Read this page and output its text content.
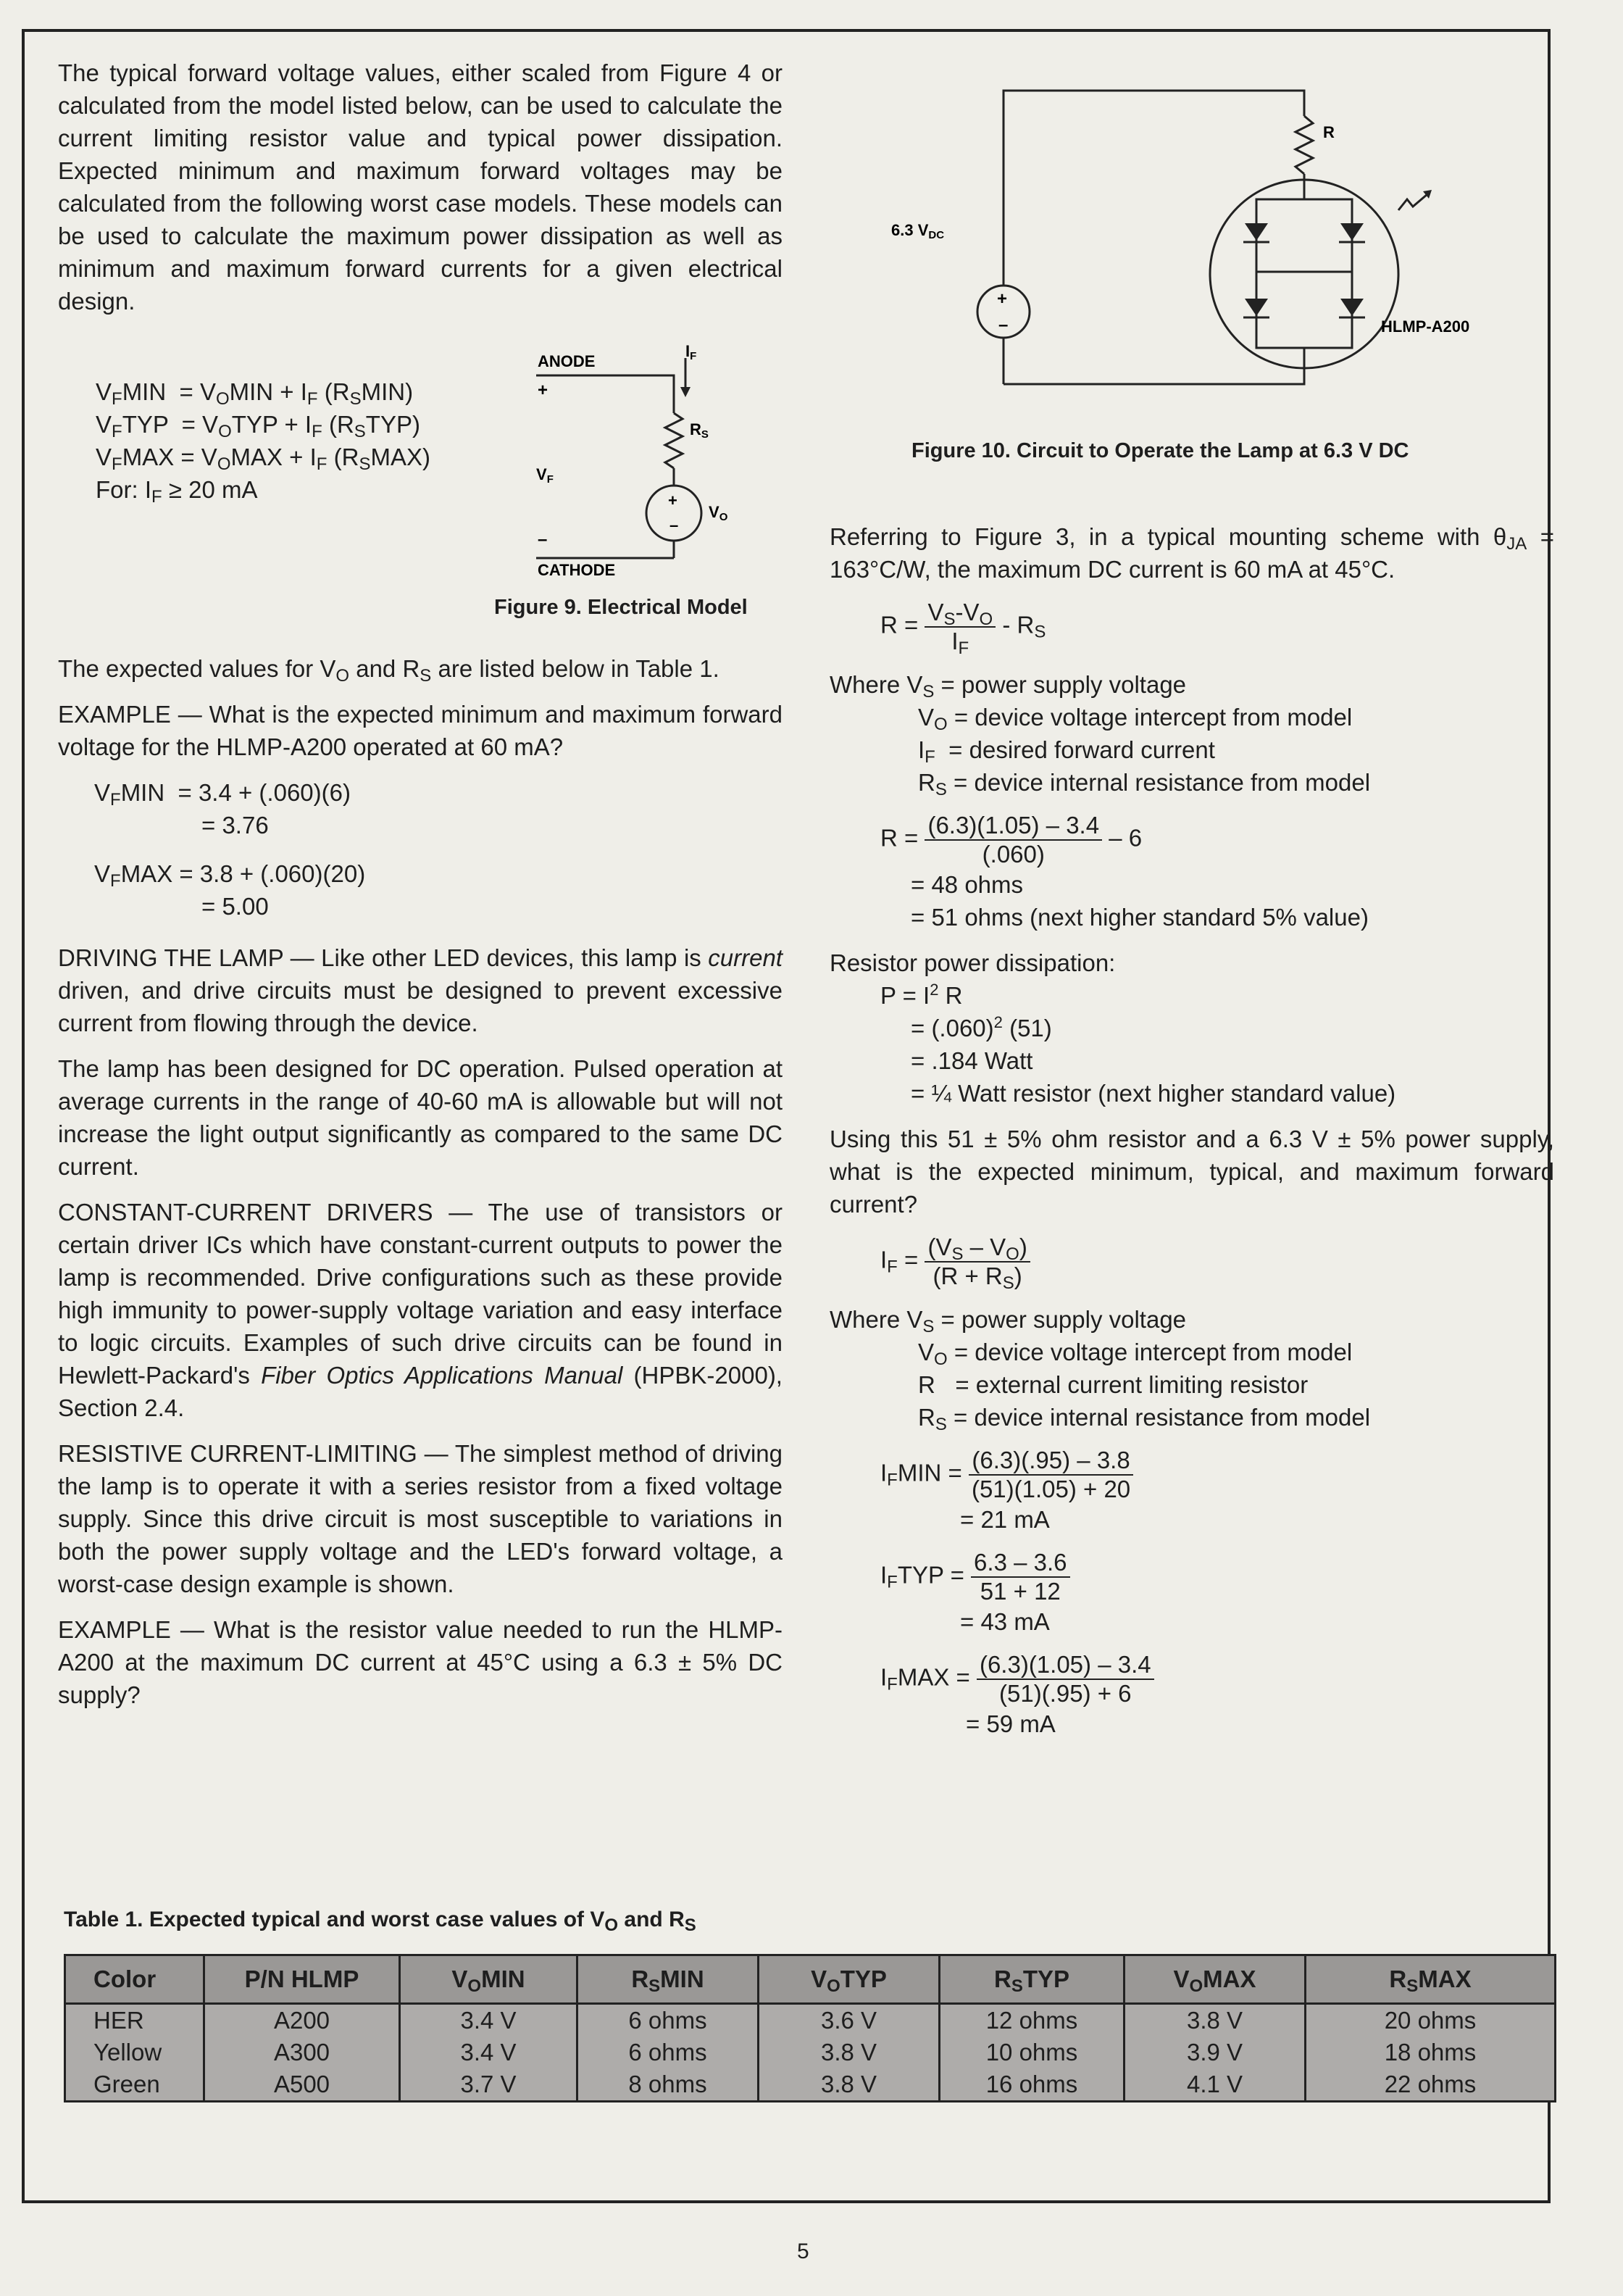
The typical forward voltage values, either scaled from Figure 4 or calculated from the model listed below, can be used to calculate the current limiting resistor value and typical power dissipation. Expected minimum and maximum forward voltages may be calculated from the following worst case models. These models can be used to calculate the maximum power dissipation as well as minimum and maximum forward currents for a given electrical design.

$V_FMIN = V_OMIN + I_F$ $(R_SMIN)$
$V_FTYP = V_OTYP + I_F$ $(R_STYP)$
$V_FMAX = V_OMAX + I_F$ $(R_SMAX)$
For: $I_F \ge 20$ mA
IF
ANODE
+
RS
VF
+
–
VO
–
CATHODE
Figure 9. Electrical Model

The expected values for $V_O$ and $R_S$ are listed below in Table 1.

EXAMPLE — What is the expected minimum and maximum forward voltage for the HLMP-A200 operated at 60 mA?

$V_FMIN = 3.4 + (.060)(6)$
= 3.76
$V_FMAX = 3.8 + (.060)(20)$
= 5.00

DRIVING THE LAMP — Like other LED devices, this lamp is current driven, and drive circuits must be designed to prevent excessive current from flowing through the device.

The lamp has been designed for DC operation. Pulsed operation at average currents in the range of 40-60 mA is allowable but will not increase the light output significantly as compared to the same DC current.

CONSTANT-CURRENT DRIVERS — The use of transistors or certain driver ICs which have constant-current outputs to power the lamp is recommended. Drive configurations such as these provide high immunity to power-supply voltage variation and easy interface to logic circuits. Examples of such drive circuits can be found in Hewlett-Packard's Fiber Optics Applications Manual (HPBK-2000), Section 2.4.

RESISTIVE CURRENT-LIMITING — The simplest method of driving the lamp is to operate it with a series resistor from a fixed voltage supply. Since this drive circuit is most susceptible to variations in both the power supply voltage and the LED's forward voltage, a worst-case design example is shown.

EXAMPLE — What is the resistor value needed to run the HLMP-A200 at the maximum DC current at 45°C using a 6.3 ± 5% DC supply?

+
–
6.3 VDC
R
HLMP-A200
Figure 10. Circuit to Operate the Lamp at 6.3 V DC

Referring to Figure 3, in a typical mounting scheme with $\theta_{JA} = 163^\circ C/W$, the maximum DC current is 60 mA at 45°C.

$R = \frac{V_S-V_O}{I_F} - R_S$
Where $V_S$ = power supply voltage
$V_O$ = device voltage intercept from model
$I_F$  = desired forward current
$R_S$ = device internal resistance from model
$R = \frac{(6.3)(1.05) - 3.4}{(.060)} - 6$
= 48 ohms
= 51 ohms (next higher standard 5% value)
Resistor power dissipation:
$P = I^2$ R
= $(.060)^2$ (51)
= .184 Watt
= ¼ Watt resistor (next higher standard value)

Using this 51 ± 5% ohm resistor and a 6.3 V ± 5% power supply, what is the expected minimum, typical, and maximum forward current?

$I_F = \frac{(V_S - V_O)}{(R + R_S)}$
Where $V_S$ = power supply voltage
$V_O$ = device voltage intercept from model
R   = external current limiting resistor
$R_S$ = device internal resistance from model
$I_FMIN = \frac{(6.3)(.95) - 3.8}{(51)(1.05) + 20}$
= 21 mA
$I_FTYP = \frac{6.3 - 3.6}{51 + 12}$
= 43 mA
$I_FMAX = \frac{(6.3)(1.05) - 3.4}{(51)(.95) + 6}$
= 59 mA
Table 1. Expected typical and worst case values of $V_O$ and $R_S$
Color	P/N HLMP	$V_OMIN$	$R_SMIN$	$V_OTYP$	$R_STYP$	$V_OMAX$	$R_SMAX$
HER	A200	3.4 V	6 ohms	3.6 V	12 ohms	3.8 V	20 ohms
Yellow	A300	3.4 V	6 ohms	3.8 V	10 ohms	3.9 V	18 ohms
Green	A500	3.7 V	8 ohms	3.8 V	16 ohms	4.1 V	22 ohms
5
